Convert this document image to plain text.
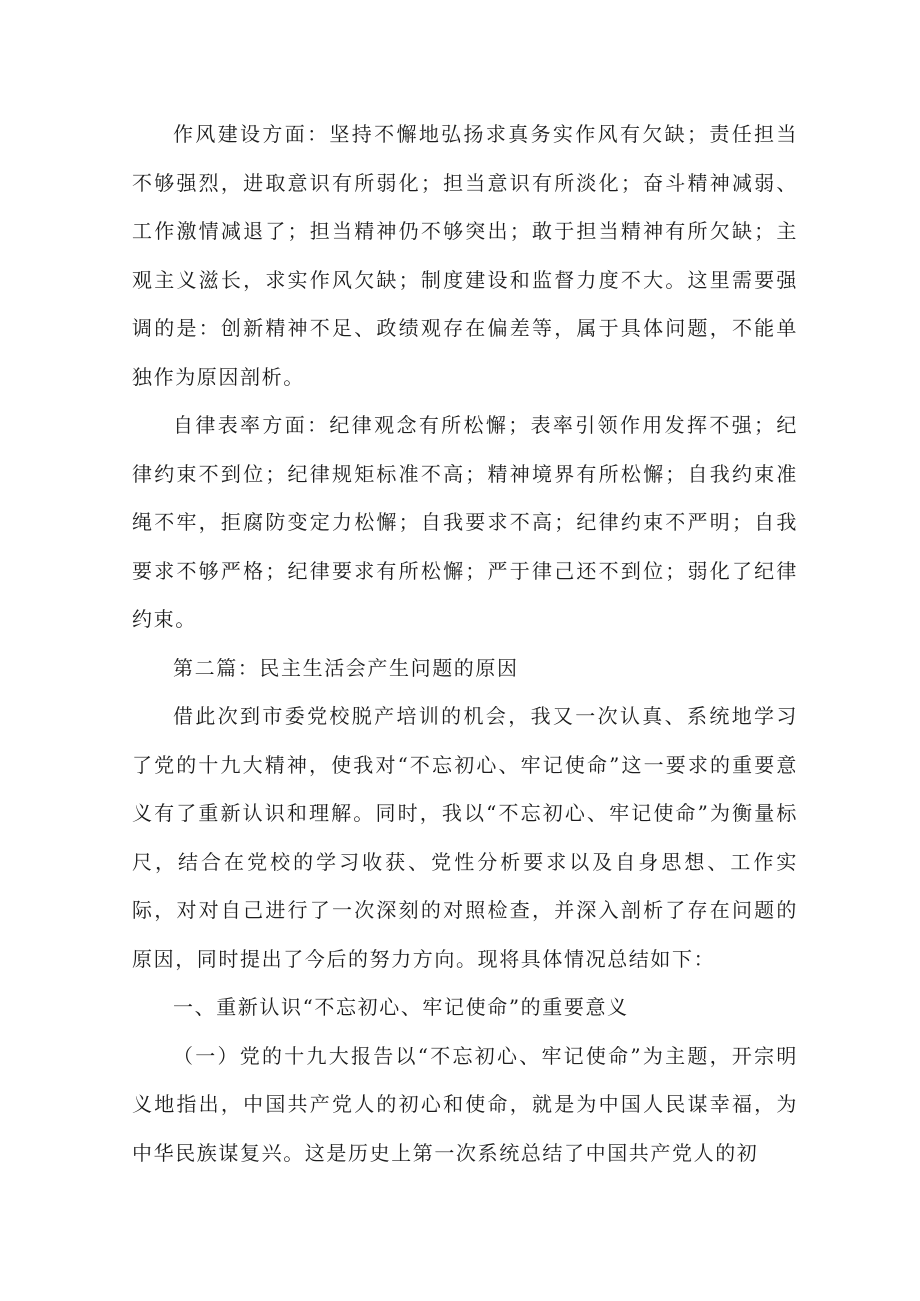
作风建设方面：坚持不懈地弘扬求真务实作风有欠缺；责任担当不够强烈，进取意识有所弱化；担当意识有所淡化；奋斗精神减弱、工作激情减退了；担当精神仍不够突出；敢于担当精神有所欠缺；主观主义滋长，求实作风欠缺；制度建设和监督力度不大。这里需要强调的是：创新精神不足、政绩观存在偏差等，属于具体问题，不能单独作为原因剖析。

自律表率方面：纪律观念有所松懈；表率引领作用发挥不强；纪律约束不到位；纪律规矩标准不高；精神境界有所松懈；自我约束准绳不牢，拒腐防变定力松懈；自我要求不高；纪律约束不严明；自我要求不够严格；纪律要求有所松懈；严于律己还不到位；弱化了纪律约束。

第二篇：民主生活会产生问题的原因

借此次到市委党校脱产培训的机会，我又一次认真、系统地学习了党的十九大精神，使我对“不忘初心、牢记使命”这一要求的重要意义有了重新认识和理解。同时，我以“不忘初心、牢记使命”为衡量标尺，结合在党校的学习收获、党性分析要求以及自身思想、工作实际，对对自己进行了一次深刻的对照检查，并深入剖析了存在问题的原因，同时提出了今后的努力方向。现将具体情况总结如下：

一、重新认识“不忘初心、牢记使命”的重要意义

（一）党的十九大报告以“不忘初心、牢记使命”为主题，开宗明义地指出，中国共产党人的初心和使命，就是为中国人民谋幸福，为中华民族谋复兴。这是历史上第一次系统总结了中国共产党人的初
